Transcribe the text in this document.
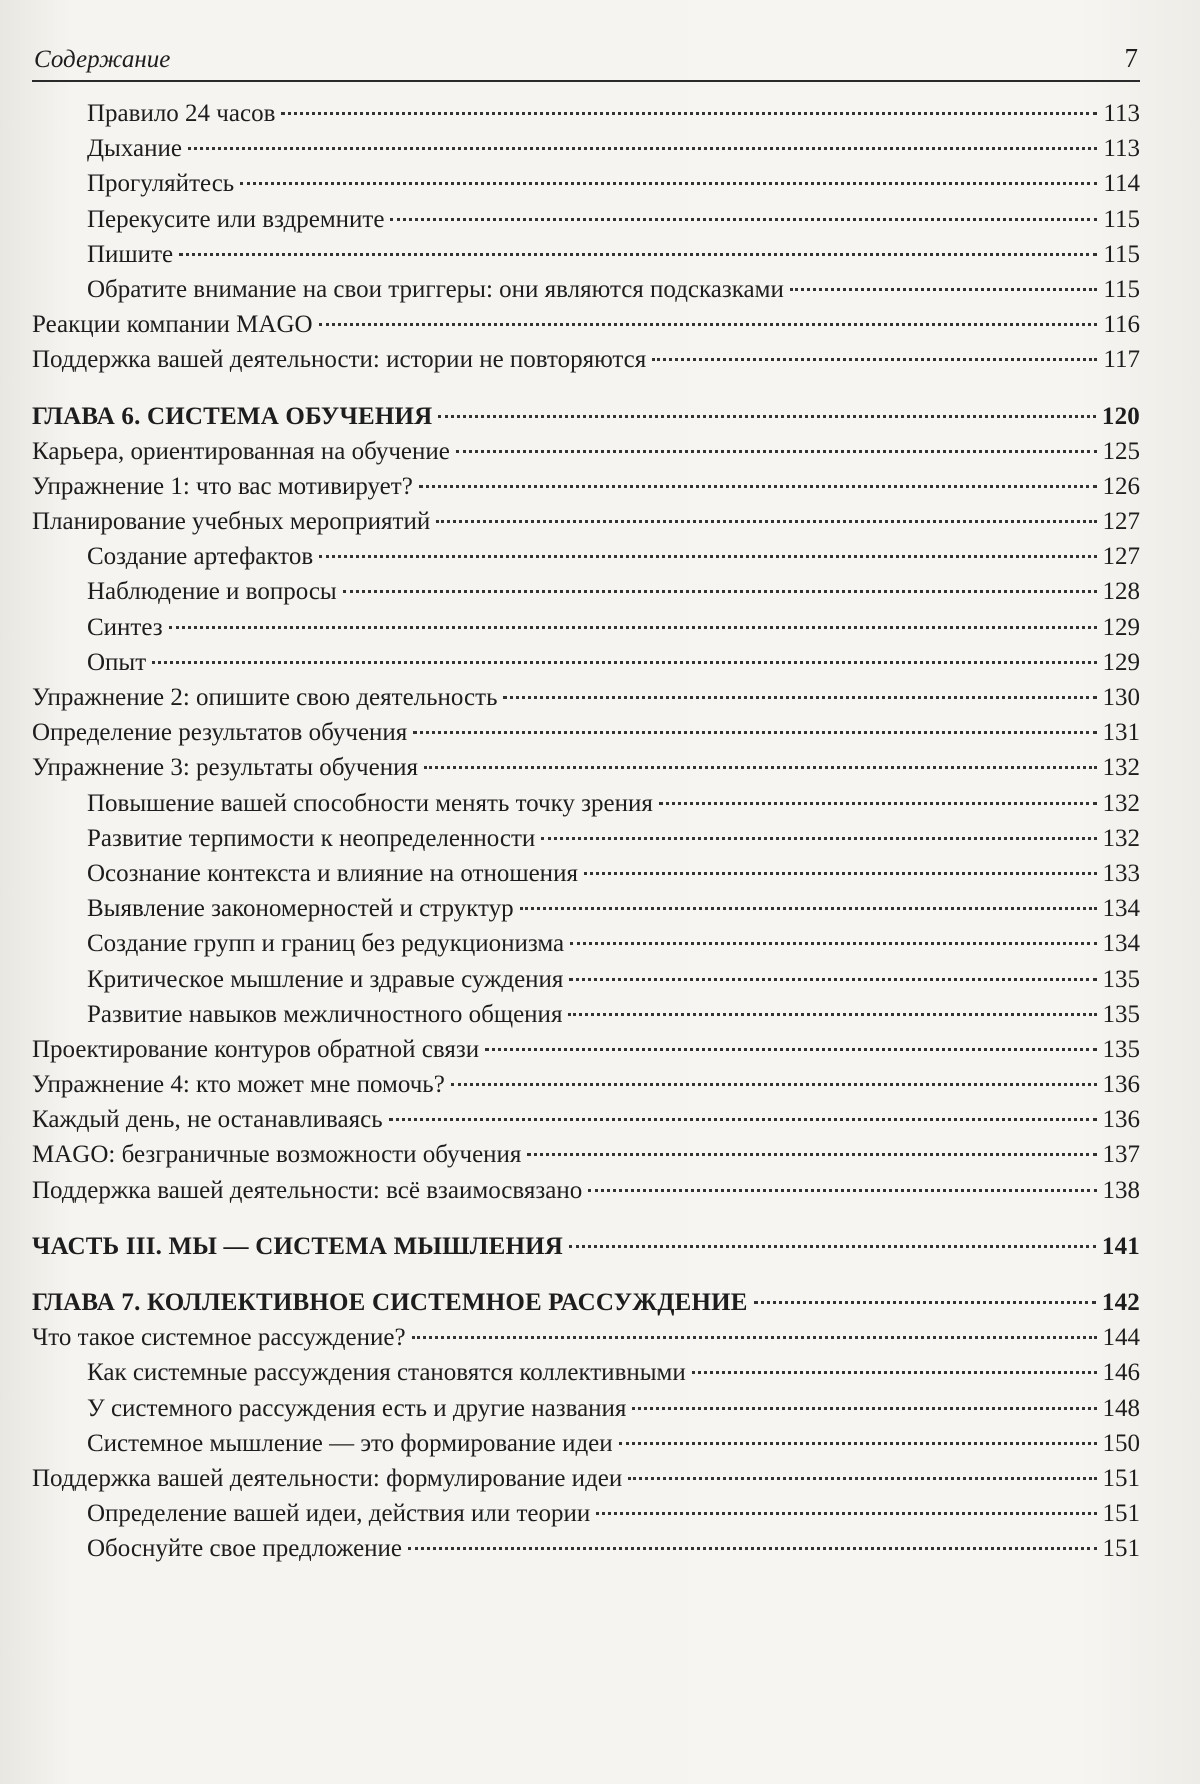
Содержание	7
Правило 24 часов	113
Дыхание	113
Прогуляйтесь	114
Перекусите или вздремните	115
Пишите	115
Обратите внимание на свои триггеры: они являются подсказками	115
Реакции компании MAGO	116
Поддержка вашей деятельности: истории не повторяются	117
ГЛАВА 6. СИСТЕМА ОБУЧЕНИЯ	120
Карьера, ориентированная на обучение	125
Упражнение 1: что вас мотивирует?	126
Планирование учебных мероприятий	127
Создание артефактов	127
Наблюдение и вопросы	128
Синтез	129
Опыт	129
Упражнение 2: опишите свою деятельность	130
Определение результатов обучения	131
Упражнение 3: результаты обучения	132
Повышение вашей способности менять точку зрения	132
Развитие терпимости к неопределенности	132
Осознание контекста и влияние на отношения	133
Выявление закономерностей и структур	134
Создание групп и границ без редукционизма	134
Критическое мышление и здравые суждения	135
Развитие навыков межличностного общения	135
Проектирование контуров обратной связи	135
Упражнение 4: кто может мне помочь?	136
Каждый день, не останавливаясь	136
MAGO: безграничные возможности обучения	137
Поддержка вашей деятельности: всё взаимосвязано	138
ЧАСТЬ III. МЫ — СИСТЕМА МЫШЛЕНИЯ	141
ГЛАВА 7. КОЛЛЕКТИВНОЕ СИСТЕМНОЕ РАССУЖДЕНИЕ	142
Что такое системное рассуждение?	144
Как системные рассуждения становятся коллективными	146
У системного рассуждения есть и другие названия	148
Системное мышление — это формирование идеи	150
Поддержка вашей деятельности: формулирование идеи	151
Определение вашей идеи, действия или теории	151
Обоснуйте свое предложение	151
